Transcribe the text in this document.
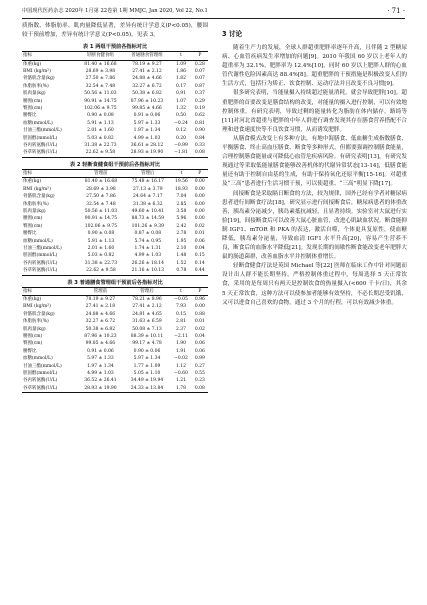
中国现代医药杂志 2020年 1月第 22卷第 1期 MMJC, Jan 2020, Vol 22, No.1	· 71 ·

质指数、体脂肪率、肌肉量降低显著，差异有统计学意义(P<0.05)，腰围较干预前增加，差异有统计学意义(P<0.05)，见表 3。

表 1 两组干预前各指标对比
指标	轻断食健食组	普通膳食管理组	t	P
体重(kg)	81.40 ± 16.68	78.19 ± 9.27	1.09	0.28
BMI (kg/m²)	28.69 ± 3.98	27.41 ± 2.12	1.86	0.07
骨骼肌含量(kg)	27.50 ± 7.86	24.88 ± 4.66	1.82	0.07
体脂肪率(%)	32.54 ± 7.48	32.27 ± 6.72	0.17	0.87
肌肉量(kg)	50.56 ± 11.03	50.38 ± 6.82	0.91	0.37
腰围(cm)	90.91 ± 14.75	87.96 ± 10.23	1.07	0.29
臀围(cm)	102.06 ± 9.75	99.85 ± 4.66	1.32	0.19
腰臀比	0.90 ± 0.08	0.91 ± 0.06	0.50	0.62
血糖(mmol/L)	5.91 ± 1.13	5.97 ± 1.33	−0.24	0.81
甘油三酯(mmol/L)	2.01 ± 1.60	1.97 ± 1.34	0.12	0.90
胆固醇(mmol/L)	5.03 ± 0.82	4.99 ± 1.03	0.20	0.84
谷丙转氨酶(U/L)	31.38 ± 22.73	36.61 ± 28.12	−0.99	0.33
谷草转氨酶(U/L)	22.62 ± 9.58	28.93 ± 19.90	−1.81	0.08
表 2 轻断食健食组干预前后各指标对比
指标	管理前	管理后	t	P
体重(kg)	81.40 ± 16.68	75.48 ± 16.17	19.56	0.00
BMI (kg/m²)	28.69 ± 3.98	27.13 ± 3.79	18.93	0.00
骨骼肌含量(kg)	27.50 ± 7.86	24.64 ± 7.17	7.04	0.00
体脂肪率(%)	32.54 ± 7.48	31.38 ± 6.32	2.85	0.00
肌肉量(kg)	50.56 ± 11.03	49.60 ± 10.41	3.58	0.00
腰围(cm)	90.91 ± 14.75	88.73 ± 14.59	5.96	0.00
臀围(cm)	102.06 ± 9.75	101.26 ± 9.39	2.42	0.02
腰臀比	0.90 ± 0.08	0.87 ± 0.08	2.78	0.01
血糖(mmol/L)	5.91 ± 1.13	5.74 ± 0.95	1.95	0.06
甘油三酯(mmol/L)	2.01 ± 1.60	1.74 ± 1.31	2.10	0.04
胆固醇(mmol/L)	5.03 ± 0.82	4.99 ± 1.03	1.48	0.15
谷丙转氨酶(U/L)	31.38 ± 22.73	26.26 ± 18.14	1.52	0.14
谷草转氨酶(U/L)	22.62 ± 9.58	21.16 ± 10.13	0.78	0.44
表 3 普通膳食管理组干预前后各指标对比
指标	管理前	管理后	t	P
体重(kg)	78.19 ± 9.27	78.21 ± 8.96	−0.05	0.96
BMI (kg/m²)	27.41 ± 2.18	27.41 ± 2.12	7.93	0.00
骨骼肌含量(kg)	24.88 ± 4.66	24.81 ± 4.65	0.15	0.88
体脂肪率(%)	32.27 ± 6.72	31.63 ± 6.59	2.81	0.01
肌肉量(kg)	50.38 ± 6.82	50.08 ± 7.13	2.37	0.02
腰围(cm)	87.96 ± 10.23	88.39 ± 10.11	−2.11	0.04
臀围(cm)	99.85 ± 4.66	99.17 ± 4.78	1.90	0.06
腰臀比	0.91 ± 0.06	0.90 ± 0.06	1.91	0.06
血糖(mmol/L)	5.97 ± 1.33	5.97 ± 1.34	−0.02	0.99
甘油三酯(mmol/L)	1.97 ± 1.34	1.77 ± 1.09	1.12	0.27
胆固醇(mmol/L)	4.99 ± 1.03	5.05 ± 1.10	−0.60	0.55
谷丙转氨酶(U/L)	36.52 ± 26.41	34.49 ± 19.94	1.21	0.23
谷草转氨酶(U/L)	28.93 ± 19.90	24.33 ± 13.84	1.78	0.08
3 讨论

随着生产力的发展，全球人群超重肥胖率逐年升高，且伴随 2 型糖尿病、心血管疾病发生率增加的问题[9]。2010 年我国 60 岁以上老年人的超重率为 32.1%，肥胖率为 12.4%[10]，同时 60 岁以上肥胖人群的心血管代谢性危险因素高达 88.4%[8]。超重肥胖的干预措施是积极改变人们的生活方式，包括行为矫正、饮食控制、运动疗法并且改变不良习惯[9]。

很多研究表明，当能量摄入持续超过能量消耗，就会导致肥胖[10]。超重肥胖的首要改变是膳食结构的改变，对能量的摄入进行控制，可以有效地控制体重。有研究表明，导致过剩的能量转化为脂肪在体内储存。路绮等[11]对河北省超重与肥胖的中年人群进行调查发现其存在膳食营养搭配不合理和进食速度快等不良饮食习惯，从而诱发肥胖。

从膳食模式改变上有多种方法，有地中海膳食、低血糖生成指数膳食、平衡膳食、终止高血压膳食、断食等多种形式，但都要强调控制膳食能量，合理控制膳食能量或可降低心血管危疾病风险。有研究表明[13]，有研究发现通过等采取低能量膳食能够改善机体的代谢异常状态[13-14]，低膳食能量还有助于控制自由基的生成，有助于保持氧化还原平衡[15-16]。对超重及“三高”患者进行生活习惯干预，可以使超重、“三高”明显下降[17]。

间接断食是采取隔日断食的方法，较为规律，国外已经有学者对糖尿病患者进行间断食疗法[18]，研究显示进行间接断食后，糖尿病患者的体重改善，胰岛素分泌减少，胰岛素抵抗减轻，且显著持续。实验室对大鼠进行实验[19]，间接断食后可以改善大鼠心脏血管，改进心肌缺血状况。断食能抑制 IGF1、mTOR 和 PKA 的表达，激活自噬，个体更具复原性，使血糖降低，胰岛素分泌量，导致血清 IGF1 水平升高[20]，容易产生营养不良，断食后的血脂水平降低[21]。发现长期的间歇性断食能改变老年肥胖大鼠的肠道菌群，改善血脂水平并控制体重增长。

轻断食健食疗法是英国 Michael 等[22] 医师在临床工作中针对问题而设计出人群不能长期坚持，严格控制体重过程中，每周选择 5 天正常饮食，采用的是每周只有两天是控制饮食的热量摄入(<600 千卡/日)，其余 5 天正常饮食，这种方法可以使参加者能够有效坚持，不必长期忍受饥饿，又可以进食自己喜欢的食物，通过 3 个月的行程，可以有效减少体重。
